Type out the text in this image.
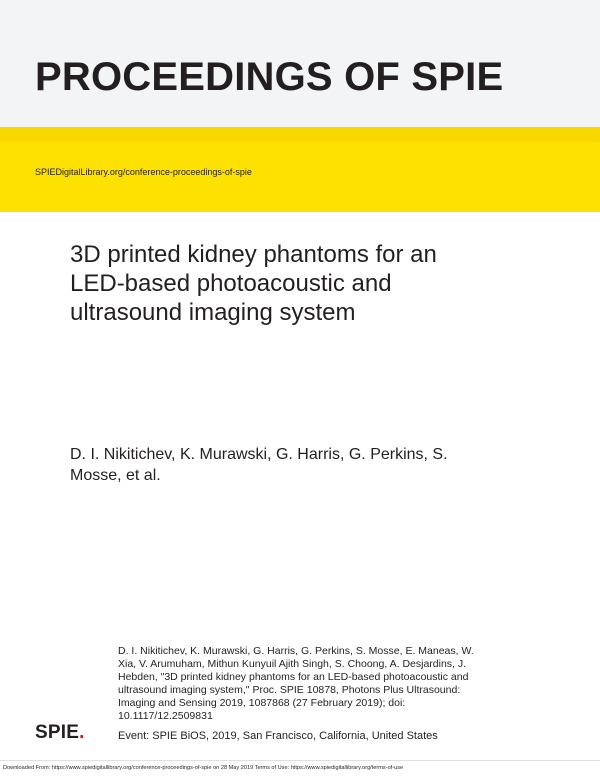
PROCEEDINGS OF SPIE
SPIEDigitalLibrary.org/conference-proceedings-of-spie
3D printed kidney phantoms for an
LED-based photoacoustic and
ultrasound imaging system
D. I. Nikitichev, K. Murawski, G. Harris, G. Perkins, S.
Mosse, et al.
D. I. Nikitichev, K. Murawski, G. Harris, G. Perkins, S. Mosse, E. Maneas, W.
Xia, V. Arumuham, Mithun Kunyuil Ajith Singh, S. Choong, A. Desjardins, J.
Hebden, "3D printed kidney phantoms for an LED-based photoacoustic and
ultrasound imaging system," Proc. SPIE 10878, Photons Plus Ultrasound:
Imaging and Sensing 2019, 1087868 (27 February 2019); doi:
10.1117/12.2509831
SPIE.	Event: SPIE BiOS, 2019, San Francisco, California, United States
Downloaded From: https://www.spiedigitallibrary.org/conference-proceedings-of-spie on 28 May 2019 Terms of Use: https://www.spiedigitallibrary.org/terms-of-use
